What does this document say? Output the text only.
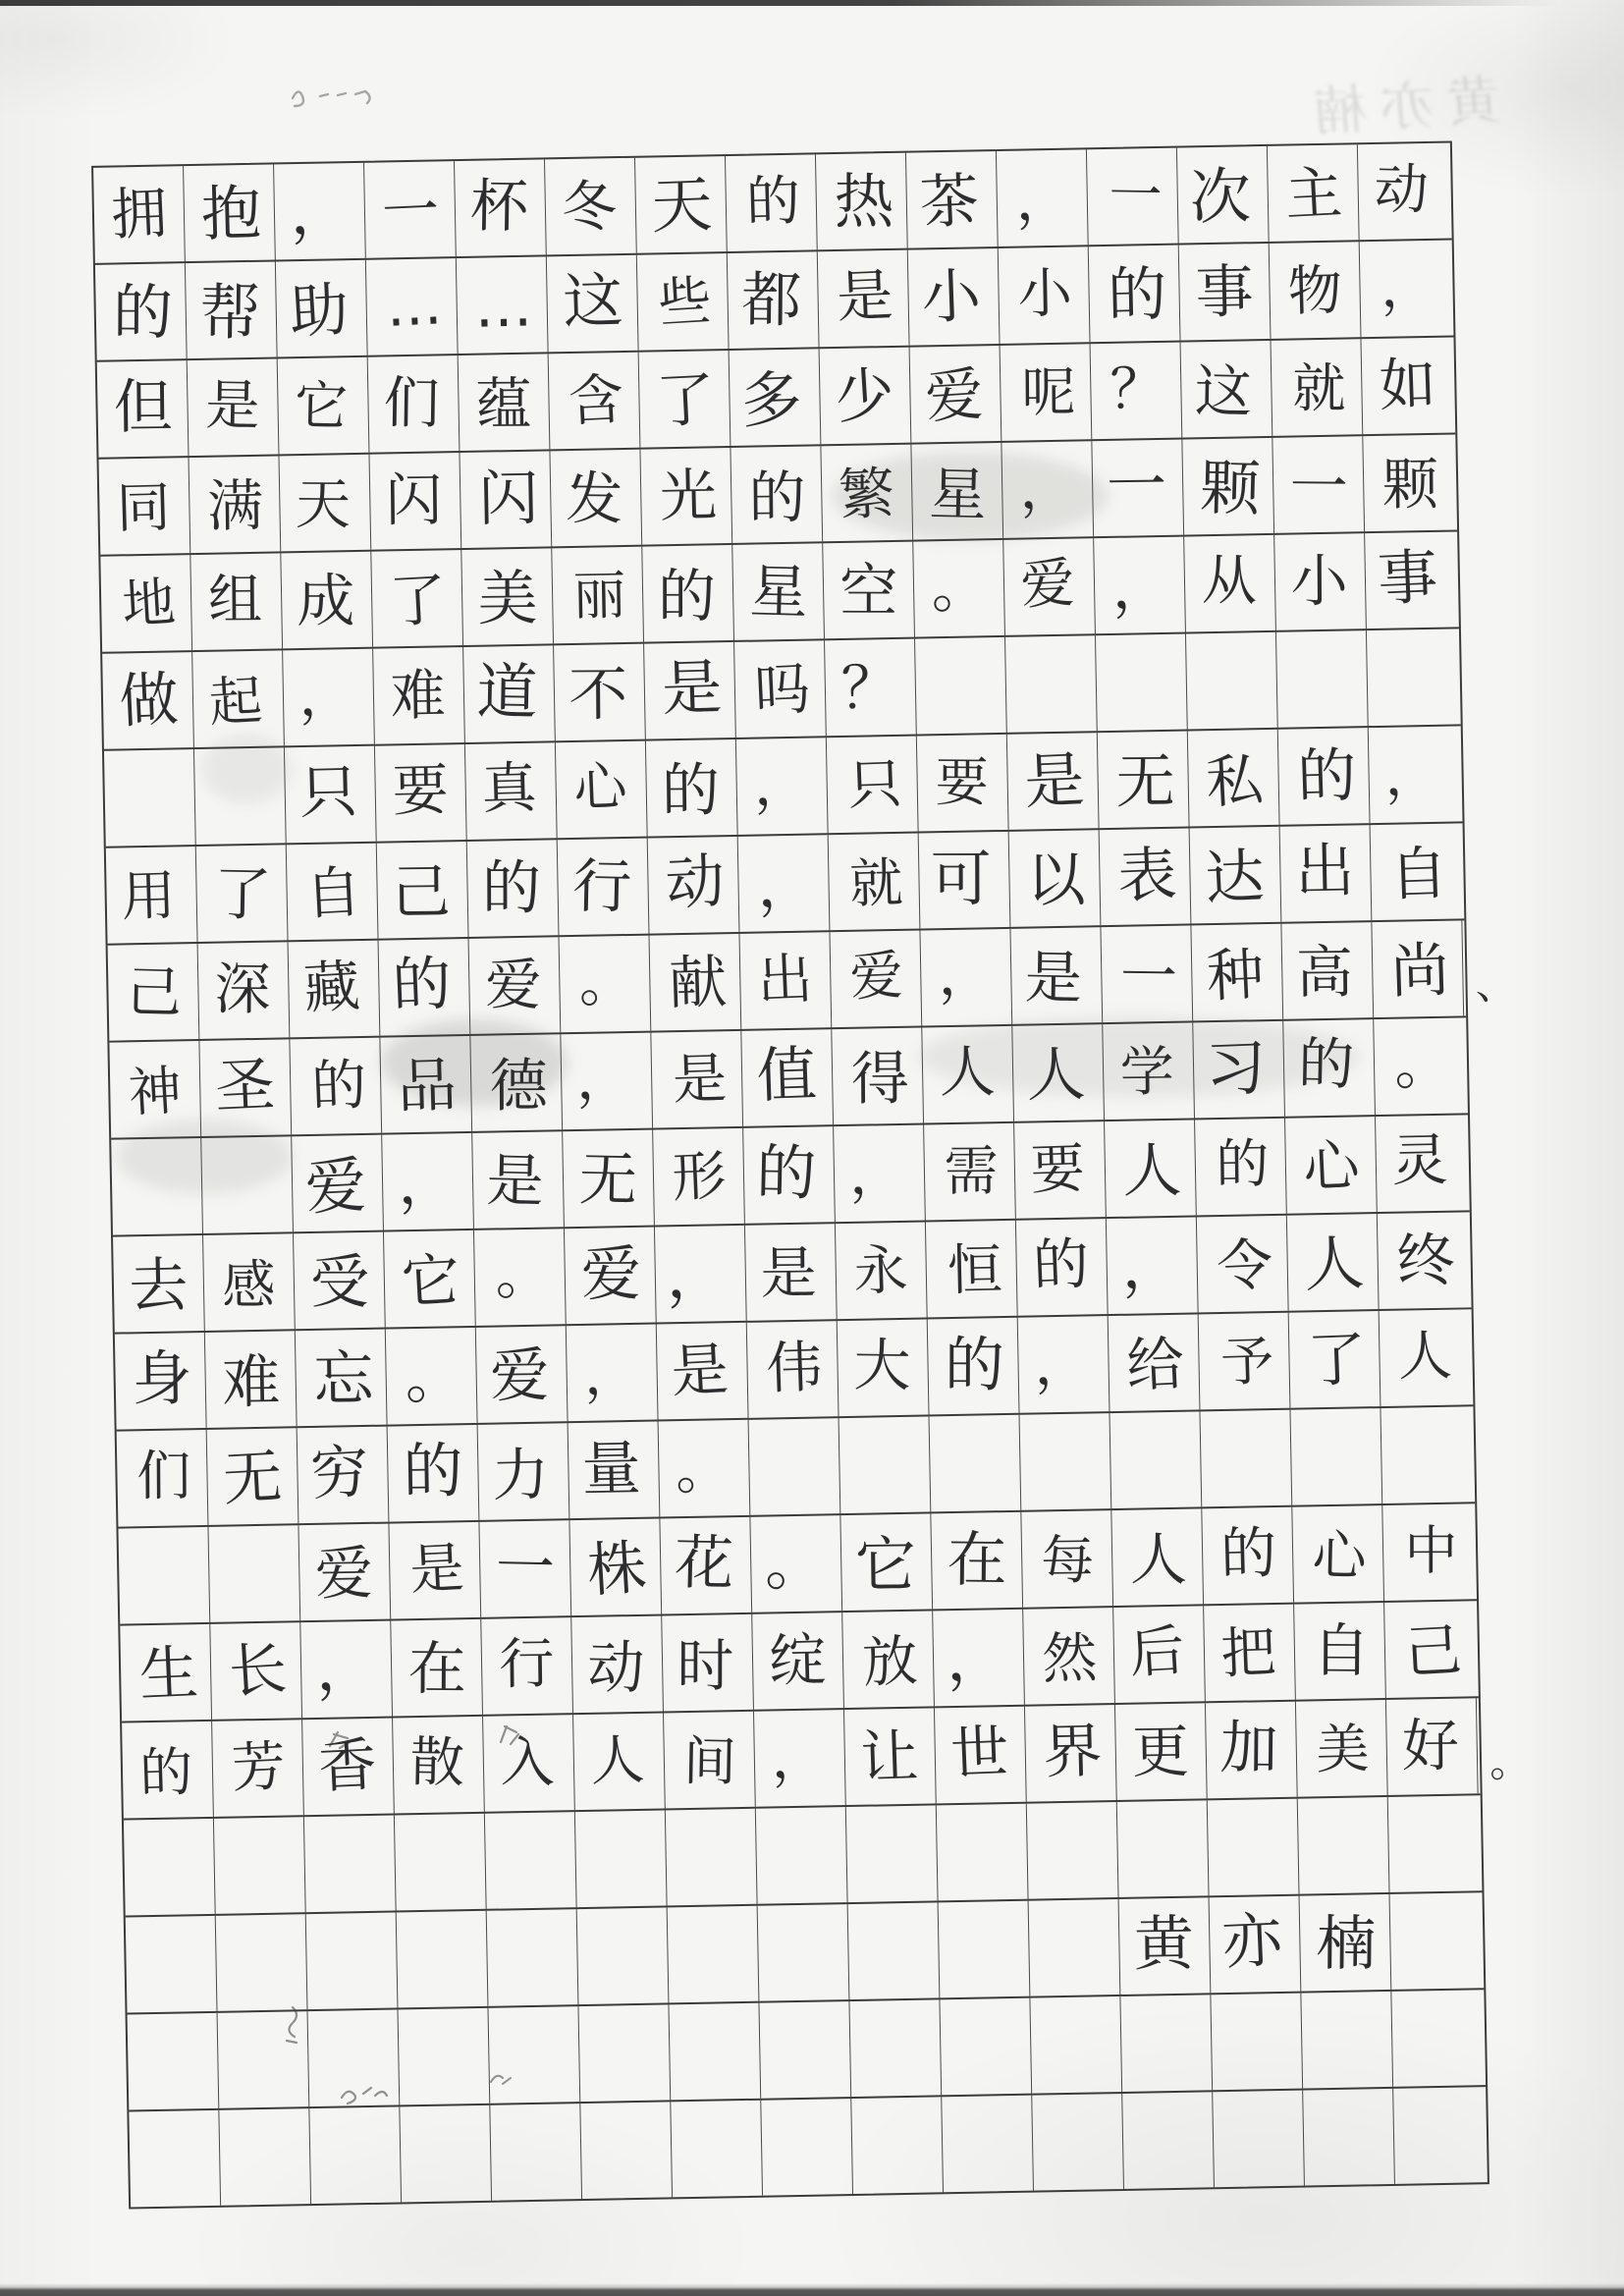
黄亦楠
拥 抱 ， 一 杯 冬 天 的 热 茶 ， 一 次 主 动
的 帮 助 … … 这 些 都 是 小 小 的 事 物 ，
但 是 它 们 蕴 含 了 多 少 爱 呢 ？ 这 就 如
同 满 天 闪 闪 发 光 的 繁 星 ， 一 颗 一 颗
地 组 成 了 美 丽 的 星 空 。 爱 ， 从 小 事
做 起 ， 难 道 不 是 吗 ？
只 要 真 心 的 ， 只 要 是 无 私 的 ，
用 了 自 己 的 行 动 ， 就 可 以 表 达 出 自
己 深 藏 的 爱 。 献 出 爱 ， 是 一 种 高 尚 、
神 圣 的 品 德 ， 是 值 得 人 人 学 习 的 。
爱 ， 是 无 形 的 ， 需 要 人 的 心 灵
去 感 受 它 。 爱 ， 是 永 恒 的 ， 令 人 终
身 难 忘 。 爱 ， 是 伟 大 的 ， 给 予 了 人
们 无 穷 的 力 量 。
爱 是 一 株 花 。 它 在 每 人 的 心 中
生 长 ， 在 行 动 时 绽 放 ， 然 后 把 自 己
的 芳 香 散 入 人 间 ， 让 世 界 更 加 美 好 。
黄 亦 楠
